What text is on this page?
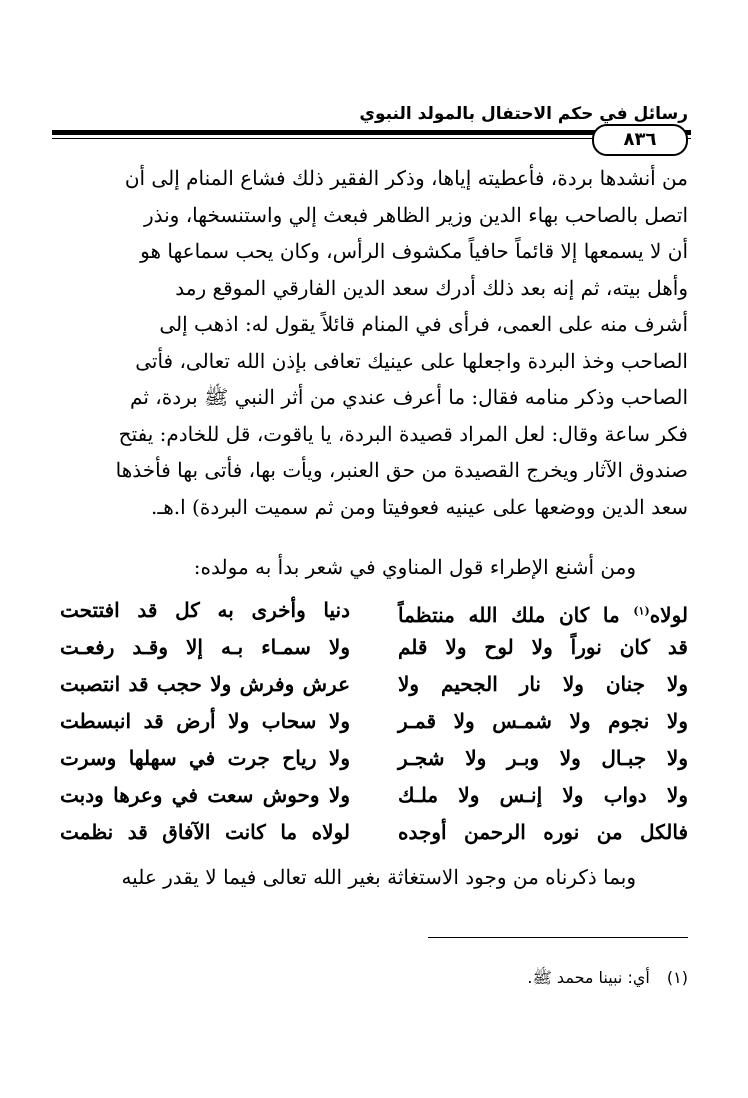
رسائل في حكم الاحتفال بالمولد النبوي
٨٣٦

من أنشدها بردة، فأعطيته إياها، وذكر الفقير ذلك فشاع المنام إلى أن

اتصل بالصاحب بهاء الدين وزير الظاهر فبعث إلي واستنسخها، ونذر

أن لا يسمعها إلا قائماً حافياً مكشوف الرأس، وكان يحب سماعها هو

وأهل بيته، ثم إنه بعد ذلك أدرك سعد الدين الفارقي الموقع رمد

أشرف منه على العمى، فرأى في المنام قائلاً يقول له: اذهب إلى

الصاحب وخذ البردة واجعلها على عينيك تعافى بإذن الله تعالى، فأتى

الصاحب وذكر منامه فقال: ما أعرف عندي من أثر النبي ﷺ بردة، ثم

فكر ساعة وقال: لعل المراد قصيدة البردة، يا ياقوت، قل للخادم: يفتح

صندوق الآثار ويخرج القصيدة من حق العنبر، ويأت بها، فأتى بها فأخذها

سعد الدين ووضعها على عينيه فعوفيتا ومن ثم سميت البردة) ا.هـ.

ومن أشنع الإطراء قول المناوي في شعر بدأ به مولده:
لولاه$^{(١)}$ ما كان ملك الله منتظماً
دنيا وأخرى به كل قد افتتحت
قد كان نوراً ولا لوح ولا قلم
ولا سمـاء بـه إلا وقـد رفعـت
ولا جنان ولا نار الجحيم ولا
عرش وفرش ولا حجب قد انتصبت
ولا نجوم ولا شمـس ولا قمـر
ولا سحاب ولا أرض قد انبسطت
ولا جبـال ولا وبـر ولا شجـر
ولا رياح جرت في سهلها وسرت
ولا دواب ولا إنـس ولا ملـك
ولا وحوش سعت في وعرها ودبت
فالكل من نوره الرحمن أوجده
لولاه ما كانت الآفاق قد نظمت
وبما ذكرناه من وجود الاستغاثة بغير الله تعالى فيما لا يقدر عليه
(١) أي: نبينا محمد ﷺ.
